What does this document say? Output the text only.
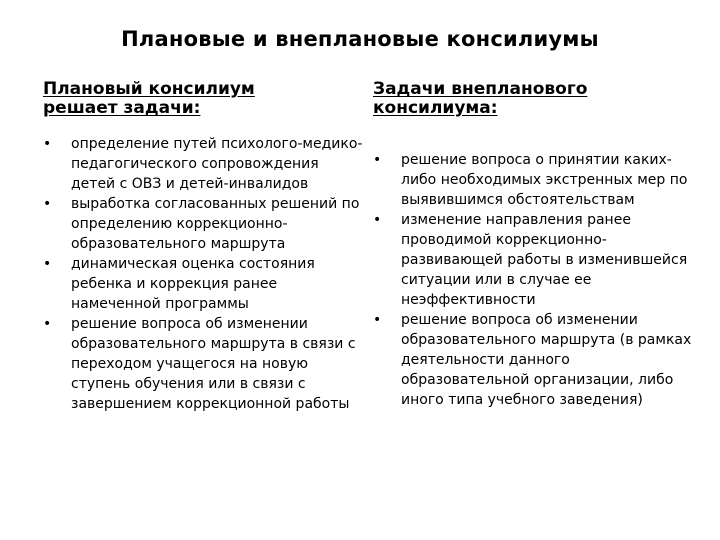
Плановые и внеплановые консилиумы
Плановый консилиум
решает задачи:
• определение путей психолого-медико-педагогического сопровождения детей с ОВЗ и детей-инвалидов
• выработка согласованных решений по определению коррекционно-образовательного маршрута
• динамическая оценка состояния ребенка и коррекция ранее намеченной программы
• решение вопроса об изменении образовательного маршрута в связи с переходом учащегося на новую ступень обучения или в связи с завершением коррекционной работы
Задачи внепланового
консилиума:
• решение вопроса о принятии каких-либо необходимых экстренных мер по выявившимся обстоятельствам
• изменение направления ранее проводимой коррекционно-развивающей работы в изменившейся ситуации или в случае ее неэффективности
• решение вопроса об изменении образовательного маршрута (в рамках деятельности данного образовательной организации, либо иного типа учебного заведения)
